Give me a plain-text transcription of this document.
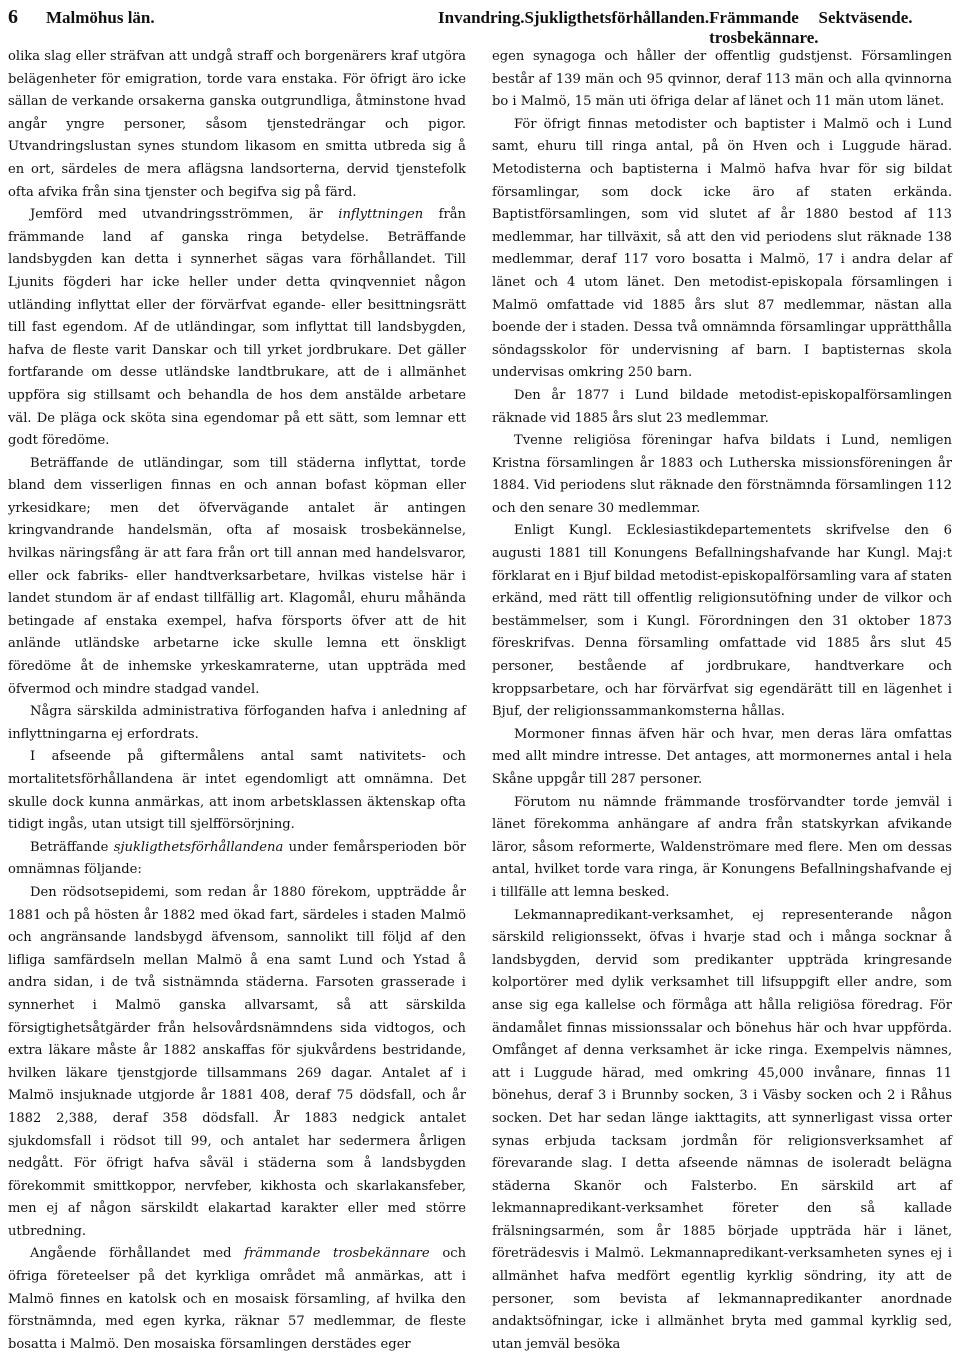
6 Malmöhus län.	Invandring. Sjukligthetsförhållanden. Främmande trosbekännare.
Sektväsende.

olika slag eller sträfvan att undgå straff och borgenärers kraf utgöra belägenheter för emigration, torde vara enstaka. För öfrigt äro icke sällan de verkande orsakerna ganska outgrundliga, åtminstone hvad angår yngre personer, såsom tjenstedrängar och pigor. Utvandringslustan synes stundom likasom en smitta utbreda sig å en ort, särdeles de mera aflägsna landsorterna, dervid tjenstefolk ofta afvika från sina tjenster och begifva sig på färd.

Jemförd med utvandringsströmmen, är inflyttningen från främmande land af ganska ringa betydelse. Beträffande landsbygden kan detta i synnerhet sägas vara förhållandet. Till Ljunits fögderi har icke heller under detta qvinqvenniet någon utländing inflyttat eller der förvärfvat egande- eller besittningsrätt till fast egendom. Af de utländingar, som inflyttat till landsbygden, hafva de fleste varit Danskar och till yrket jordbrukare. Det gäller fortfarande om desse utländske landtbrukare, att de i allmänhet uppföra sig stillsamt och behandla de hos dem anstälde arbetare väl. De pläga ock sköta sina egendomar på ett sätt, som lemnar ett godt föredöme.

Beträffande de utländingar, som till städerna inflyttat, torde bland dem visserligen finnas en och annan bofast köpman eller yrkesidkare; men det öfvervägande antalet är antingen kringvandrande handelsmän, ofta af mosaisk trosbekännelse, hvilkas näringsfång är att fara från ort till annan med handelsvaror, eller ock fabriks- eller handtverksarbetare, hvilkas vistelse här i landet stundom är af endast tillfällig art. Klagomål, ehuru måhända betingade af enstaka exempel, hafva försports öfver att de hit anlände utländske arbetarne icke skulle lemna ett önskligt föredöme åt de inhemske yrkeskamraterne, utan uppträda med öfvermod och mindre stadgad vandel.

Några särskilda administrativa förfoganden hafva i anledning af inflyttningarna ej erfordrats.

I afseende på giftermålens antal samt nativitets- och mortalitetsförhållandena är intet egendomligt att omnämna. Det skulle dock kunna anmärkas, att inom arbetsklassen äktenskap ofta tidigt ingås, utan utsigt till sjelfförsörjning.

Beträffande sjukligthetsförhållandena under femårsperioden bör omnämnas följande:

Den rödsotsepidemi, som redan år 1880 förekom, uppträdde år 1881 och på hösten år 1882 med ökad fart, särdeles i staden Malmö och angränsande landsbygd äfvensom, sannolikt till följd af den lifliga samfärdseln mellan Malmö å ena samt Lund och Ystad å andra sidan, i de två sistnämnda städerna. Farsoten grasserade i synnerhet i Malmö ganska allvarsamt, så att särskilda försigtighetsåtgärder från helsovårdsnämndens sida vidtogos, och extra läkare måste år 1882 anskaffas för sjukvårdens bestridande, hvilken läkare tjenstgjorde tillsammans 269 dagar. Antalet af i Malmö insjuknade utgjorde år 1881 408, deraf 75 dödsfall, och år 1882 2,388, deraf 358 dödsfall. År 1883 nedgick antalet sjukdomsfall i rödsot till 99, och antalet har sedermera årligen nedgått. För öfrigt hafva såväl i städerna som å landsbygden förekommit smittkoppor, nervfeber, kikhosta och skarlakansfeber, men ej af någon särskildt elakartad karakter eller med större utbredning.

Angående förhållandet med främmande trosbekännare och öfriga företeelser på det kyrkliga området må anmärkas, att i Malmö finnes en katolsk och en mosaisk församling, af hvilka den förstnämnda, med egen kyrka, räknar 57 medlemmar, de fleste bosatta i Malmö. Den mosaiska församlingen derstädes eger

egen synagoga och håller der offentlig gudstjenst. Församlingen består af 139 män och 95 qvinnor, deraf 113 män och alla qvinnorna bo i Malmö, 15 män uti öfriga delar af länet och 11 män utom länet.

För öfrigt finnas metodister och baptister i Malmö och i Lund samt, ehuru till ringa antal, på ön Hven och i Luggude härad. Metodisterna och baptisterna i Malmö hafva hvar för sig bildat församlingar, som dock icke äro af staten erkända. Baptistförsamlingen, som vid slutet af år 1880 bestod af 113 medlemmar, har tillväxit, så att den vid periodens slut räknade 138 medlemmar, deraf 117 voro bosatta i Malmö, 17 i andra delar af länet och 4 utom länet. Den metodist-episkopala församlingen i Malmö omfattade vid 1885 års slut 87 medlemmar, nästan alla boende der i staden. Dessa två omnämnda församlingar upprätthålla söndagsskolor för undervisning af barn. I baptisternas skola undervisas omkring 250 barn.

Den år 1877 i Lund bildade metodist-episkopalförsamlingen räknade vid 1885 års slut 23 medlemmar.

Tvenne religiösa föreningar hafva bildats i Lund, nemligen Kristna församlingen år 1883 och Lutherska missionsföreningen år 1884. Vid periodens slut räknade den förstnämnda församlingen 112 och den senare 30 medlemmar.

Enligt Kungl. Ecklesiastikdepartementets skrifvelse den 6 augusti 1881 till Konungens Befallningshafvande har Kungl. Maj:t förklarat en i Bjuf bildad metodist-episkopalförsamling vara af staten erkänd, med rätt till offentlig religionsutöfning under de vilkor och bestämmelser, som i Kungl. Förordningen den 31 oktober 1873 föreskrifvas. Denna församling omfattade vid 1885 års slut 45 personer, bestående af jordbrukare, handtverkare och kroppsarbetare, och har förvärfvat sig egendärätt till en lägenhet i Bjuf, der religionssammankomsterna hållas.

Mormoner finnas äfven här och hvar, men deras lära omfattas med allt mindre intresse. Det antages, att mormonernes antal i hela Skåne uppgår till 287 personer.

Förutom nu nämnde främmande trosförvandter torde jemväl i länet förekomma anhängare af andra från statskyrkan afvikande läror, såsom reformerte, Waldenströmare med flere. Men om dessas antal, hvilket torde vara ringa, är Konungens Befallningshafvande ej i tillfälle att lemna besked.

Lekmannapredikant-verksamhet, ej representerande någon särskild religionssekt, öfvas i hvarje stad och i många socknar å landsbygden, dervid som predikanter uppträda kringresande kolportörer med dylik verksamhet till lifsuppgift eller andre, som anse sig ega kallelse och förmåga att hålla religiösa föredrag. För ändamålet finnas missionssalar och bönehus här och hvar uppförda. Omfånget af denna verksamhet är icke ringa. Exempelvis nämnes, att i Luggude härad, med omkring 45,000 invånare, finnas 11 bönehus, deraf 3 i Brunnby socken, 3 i Väsby socken och 2 i Råhus socken. Det har sedan länge iakttagits, att synnerligast vissa orter synas erbjuda tacksam jordmån för religionsverksamhet af förevarande slag. I detta afseende nämnas de isoleradt belägna städerna Skanör och Falsterbo. En särskild art af lekmannapredikant-verksamhet företer den så kallade frälsningsarmén, som år 1885 började uppträda här i länet, företrädesvis i Malmö. Lekmannapredikant-verksamheten synes ej i allmänhet hafva medfört egentlig kyrklig söndring, ity att de personer, som bevista af lekmannapredikanter anordnade andaktsöfningar, icke i allmänhet bryta med gammal kyrklig sed, utan jemväl besöka
